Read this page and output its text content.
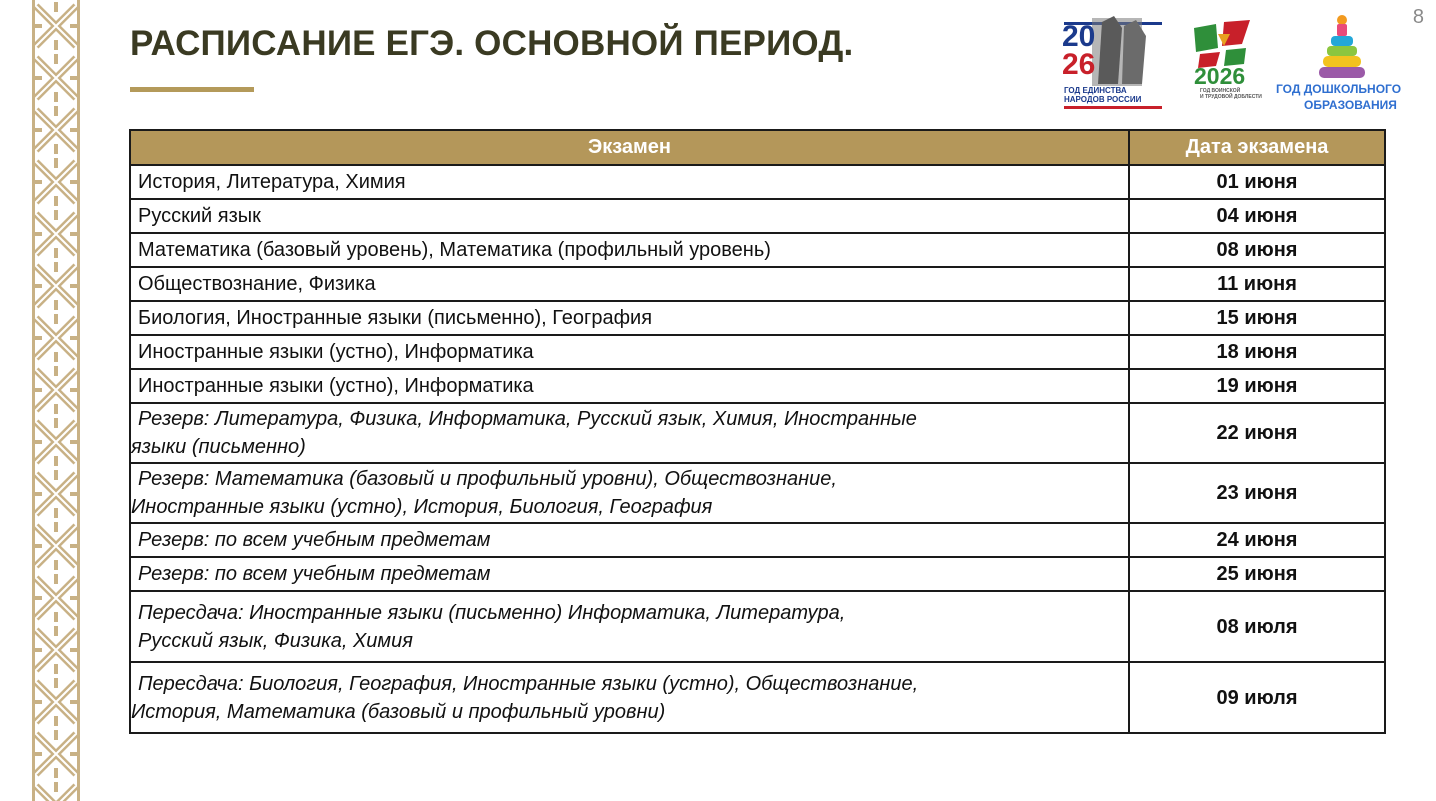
8
РАСПИСАНИЕ ЕГЭ. ОСНОВНОЙ ПЕРИОД.	20
26
ГОД ЕДИНСТВА
НАРОДОВ РОССИИ
2026
ГОД ВОИНСКОЙ
И ТРУДОВОЙ ДОБЛЕСТИ
ГОД ДОШКОЛЬНОГО
ОБРАЗОВАНИЯ
Экзамен	Дата экзамена
История, Литература, Химия	01 июня
Русский язык	04 июня
Математика (базовый уровень), Математика (профильный уровень)	08 июня
Обществознание, Физика	11 июня
Биология, Иностранные языки (письменно), География	15 июня
Иностранные языки (устно), Информатика	18 июня
Иностранные языки (устно), Информатика	19 июня

Резерв: Литература, Физика, Информатика, Русский язык, Химия, Иностранные
языки (письменно)	22 июня

Резерв: Математика (базовый и профильный уровни), Обществознание,
Иностранные языки (устно), История, Биология, География	23 июня
Резерв: по всем учебным предметам	24 июня
Резерв: по всем учебным предметам	25 июня

Пересдача: Иностранные языки (письменно) Информатика, Литература,
Русский язык, Физика, Химия	08 июля

Пересдача: Биология, География, Иностранные языки (устно), Обществознание,
История, Математика (базовый и профильный уровни)	09 июля
